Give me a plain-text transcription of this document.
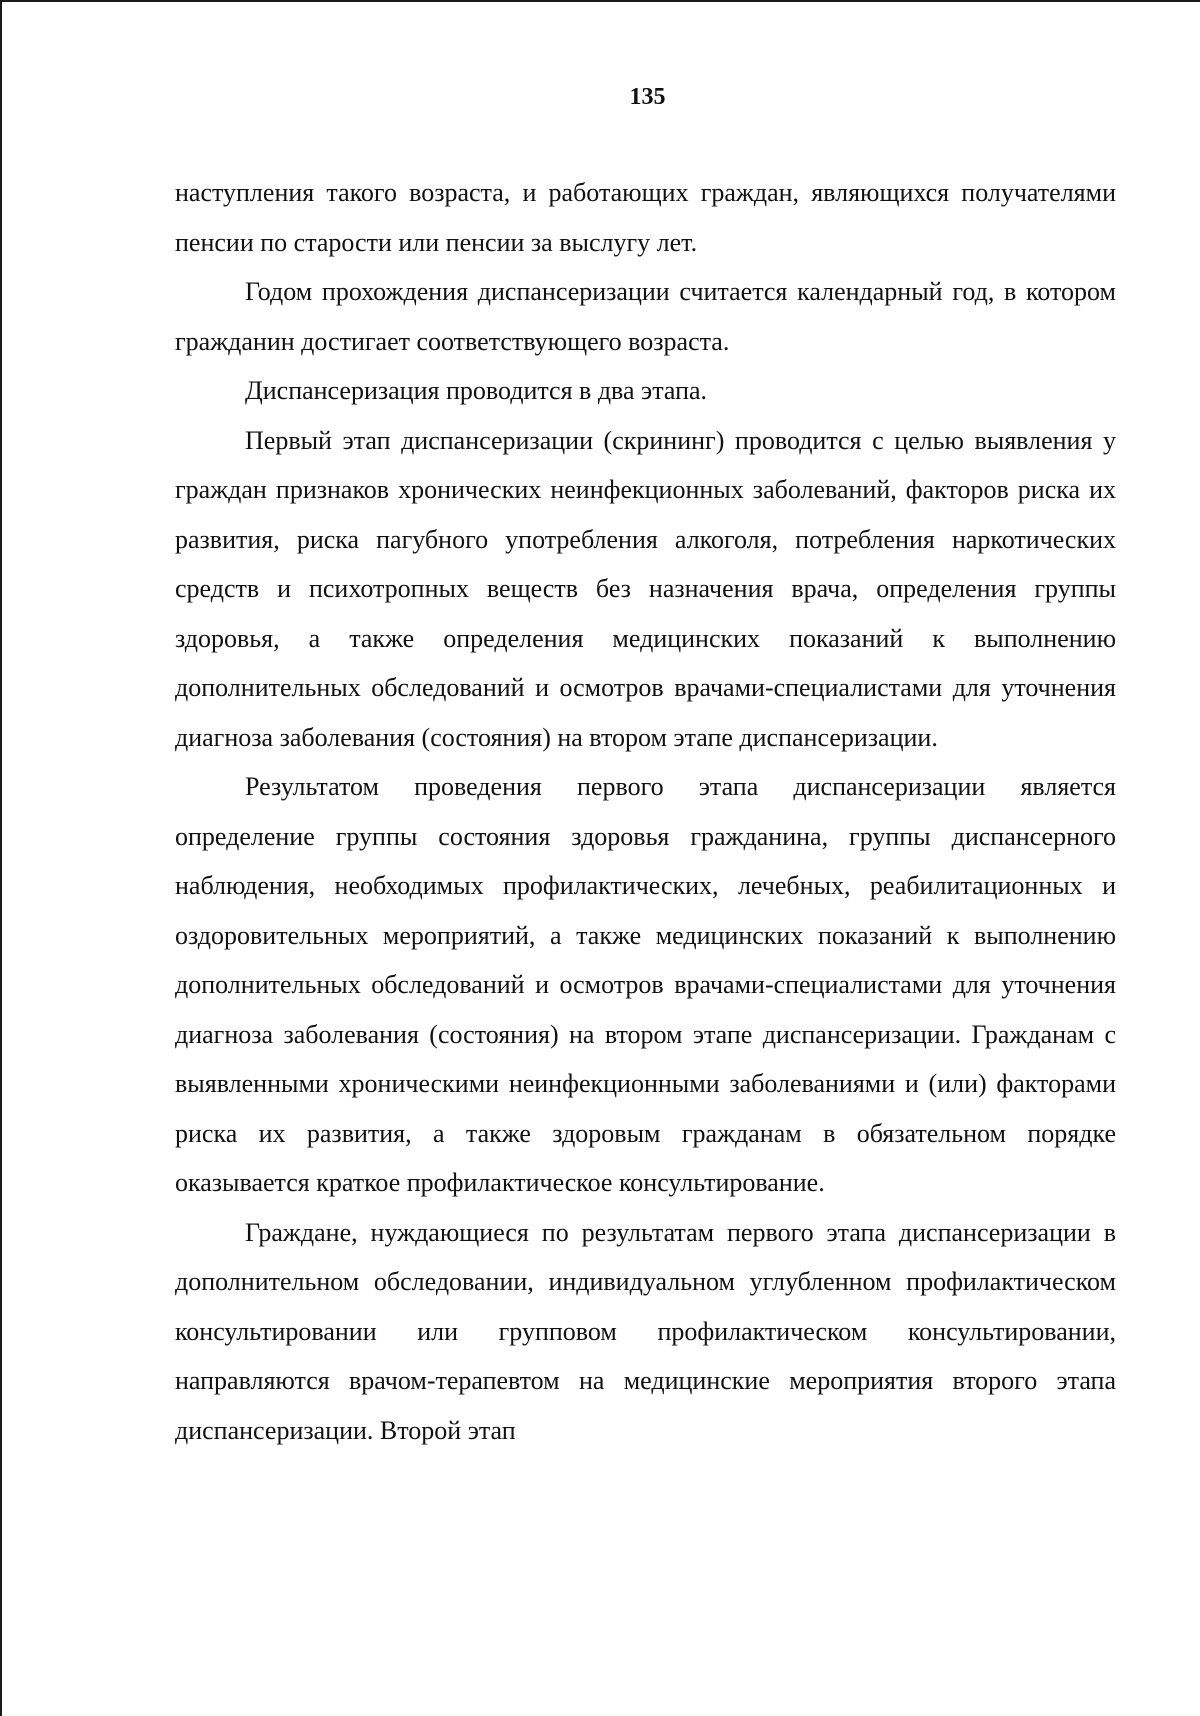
135

наступления такого возраста, и работающих граждан, являющихся получателями пенсии по старости или пенсии за выслугу лет.

Годом прохождения диспансеризации считается календарный год, в котором гражданин достигает соответствующего возраста.

Диспансеризация проводится в два этапа.

Первый этап диспансеризации (скрининг) проводится с целью выявления у граждан признаков хронических неинфекционных заболеваний, факторов риска их развития, риска пагубного употребления алкоголя, потребления наркотических средств и психотропных веществ без назначения врача, определения группы здоровья, а также определения медицинских показаний к выполнению дополнительных обследований и осмотров врачами-специалистами для уточнения диагноза заболевания (состояния) на втором этапе диспансеризации.

Результатом проведения первого этапа диспансеризации является определение группы состояния здоровья гражданина, группы диспансерного наблюдения, необходимых профилактических, лечебных, реабилитационных и оздоровительных мероприятий, а также медицинских показаний к выполнению дополнительных обследований и осмотров врачами-специалистами для уточнения диагноза заболевания (состояния) на втором этапе диспансеризации. Гражданам с выявленными хроническими неинфекционными заболеваниями и (или) факторами риска их развития, а также здоровым гражданам в обязательном порядке оказывается краткое профилактическое консультирование.

Граждане, нуждающиеся по результатам первого этапа диспансеризации в дополнительном обследовании, индивидуальном углубленном профилактическом консультировании или групповом профилактическом консультировании, направляются врачом-терапевтом на медицинские мероприятия второго этапа диспансеризации. Второй этап
